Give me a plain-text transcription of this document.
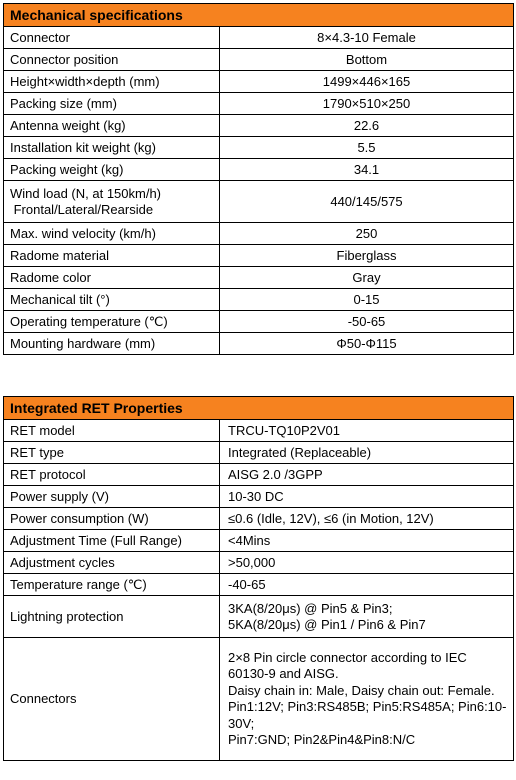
Mechanical specifications	
Connector	8×4.3-10 Female
Connector position	Bottom
Height×width×depth (mm)	1499×446×165
Packing size (mm)	1790×510×250
Antenna weight (kg)	22.6
Installation kit weight (kg)	5.5
Packing weight (kg)	34.1

Wind load (N, at 150km/h)
Frontal/Lateral/Rearside	440/145/575
Max. wind velocity (km/h)	250
Radome material	Fiberglass
Radome color	Gray
Mechanical tilt (°)	0-15
Operating temperature (℃)	-50-65
Mounting hardware (mm)	Φ50-Φ115
Integrated RET Properties	
RET model	TRCU-TQ10P2V01
RET type	Integrated (Replaceable)
RET protocol	AISG 2.0 /3GPP
Power supply (V)	10-30 DC
Power consumption (W)	≤0.6 (Idle, 12V), ≤6 (in Motion, 12V)
Adjustment Time (Full Range)	<4Mins
Adjustment cycles	>50,000
Temperature range (℃)	-40-65
Lightning protection	3KA(8/20μs) @ Pin5 & Pin3;
5KA(8/20μs) @ Pin1 / Pin6 & Pin7

Connectors	2×8 Pin circle connector according to IEC 60130-9 and AISG.
Daisy chain in: Male, Daisy chain out: Female.
Pin1:12V; Pin3:RS485B; Pin5:RS485A; Pin6:10-30V;
Pin7:GND; Pin2&Pin4&Pin8:N/C
